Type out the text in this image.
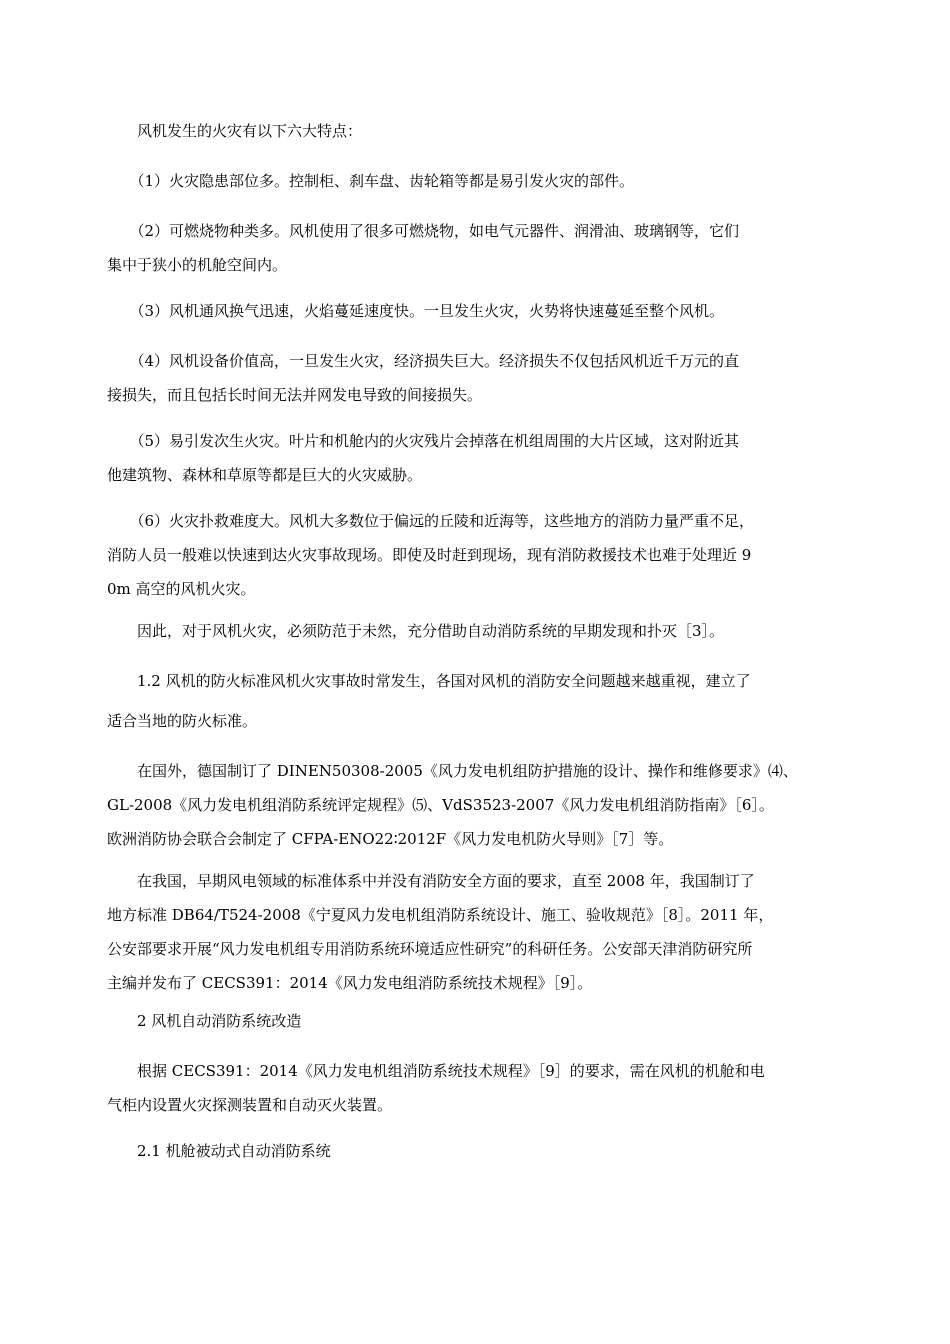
　　风机发生的火灾有以下六大特点：
　　（1）火灾隐患部位多。控制柜、刹车盘、齿轮箱等都是易引发火灾的部件。
　　（2）可燃烧物种类多。风机使用了很多可燃烧物，如电气元器件、润滑油、玻璃钢等，它们
集中于狭小的机舱空间内。
　　（3）风机通风换气迅速，火焰蔓延速度快。一旦发生火灾，火势将快速蔓延至整个风机。
　　（4）风机设备价值高，一旦发生火灾，经济损失巨大。经济损失不仅包括风机近千万元的直
接损失，而且包括长时间无法并网发电导致的间接损失。
　　（5）易引发次生火灾。叶片和机舱内的火灾残片会掉落在机组周围的大片区域，这对附近其
他建筑物、森林和草原等都是巨大的火灾威胁。
　　（6）火灾扑救难度大。风机大多数位于偏远的丘陵和近海等，这些地方的消防力量严重不足，
消防人员一般难以快速到达火灾事故现场。即使及时赶到现场，现有消防救援技术也难于处理近 9
0m 高空的风机火灾。
　　因此，对于风机火灾，必须防范于未然，充分借助自动消防系统的早期发现和扑灭［3］。
　　1.2 风机的防火标准风机火灾事故时常发生，各国对风机的消防安全问题越来越重视，建立了
适合当地的防火标准。
　　在国外，德国制订了 DINEN50308-2005《风力发电机组防护措施的设计、操作和维修要求》⑷、
GL-2008《风力发电机组消防系统评定规程》⑸、VdS3523-2007《风力发电机组消防指南》［6］。
欧洲消防协会联合会制定了 CFPA-ENO22∶2012F《风力发电机防火导则》［7］等。
　　在我国，早期风电领域的标准体系中并没有消防安全方面的要求，直至 2008 年，我国制订了
地方标准 DB64/T524-2008《宁夏风力发电机组消防系统设计、施工、验收规范》［8］。2011 年，
公安部要求开展“风力发电机组专用消防系统环境适应性研究”的科研任务。公安部天津消防研究所
主编并发布了 CECS391：2014《风力发电组消防系统技术规程》［9］。
　　2 风机自动消防系统改造
　　根据 CECS391：2014《风力发电机组消防系统技术规程》［9］的要求，需在风机的机舱和电
气柜内设置火灾探测装置和自动灭火装置。
　　2.1 机舱被动式自动消防系统
